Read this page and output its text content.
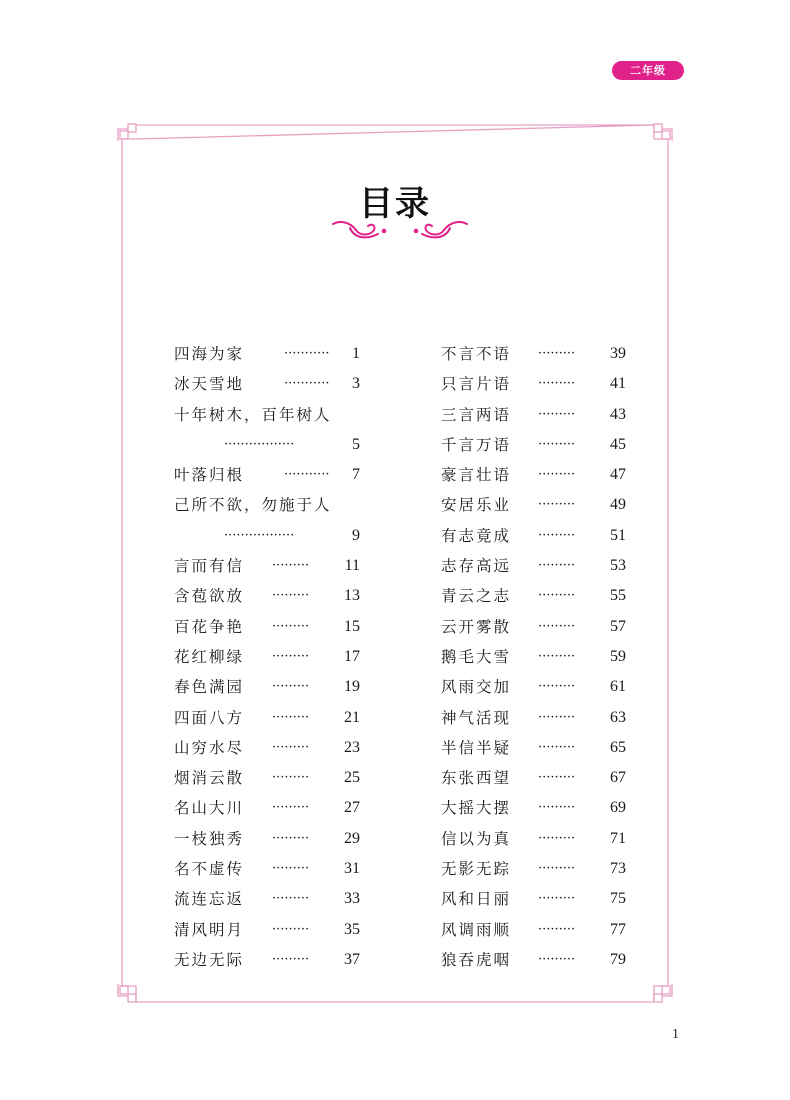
二年级
目录
四海为家	··········· 1
冰天雪地	··········· 3
十年树木，百年树人
·················	5
叶落归根	··········· 7
己所不欲，勿施于人
·················	9
言而有信 ········· 11
含苞欲放 ········· 13
百花争艳 ········· 15
花红柳绿 ········· 17
春色满园 ········· 19
四面八方 ········· 21
山穷水尽 ········· 23
烟消云散 ········· 25
名山大川 ········· 27
一枝独秀 ········· 29
名不虚传 ········· 31
流连忘返 ········· 33
清风明月 ········· 35
无边无际 ········· 37
不言不语 ········· 39
只言片语 ········· 41
三言两语 ········· 43
千言万语 ········· 45
豪言壮语 ········· 47
安居乐业 ········· 49
有志竟成 ········· 51
志存高远 ········· 53
青云之志 ········· 55
云开雾散 ········· 57
鹅毛大雪 ········· 59
风雨交加 ········· 61
神气活现 ········· 63
半信半疑 ········· 65
东张西望 ········· 67
大摇大摆 ········· 69
信以为真 ········· 71
无影无踪 ········· 73
风和日丽 ········· 75
风调雨顺 ········· 77
狼吞虎咽 ········· 79
1
